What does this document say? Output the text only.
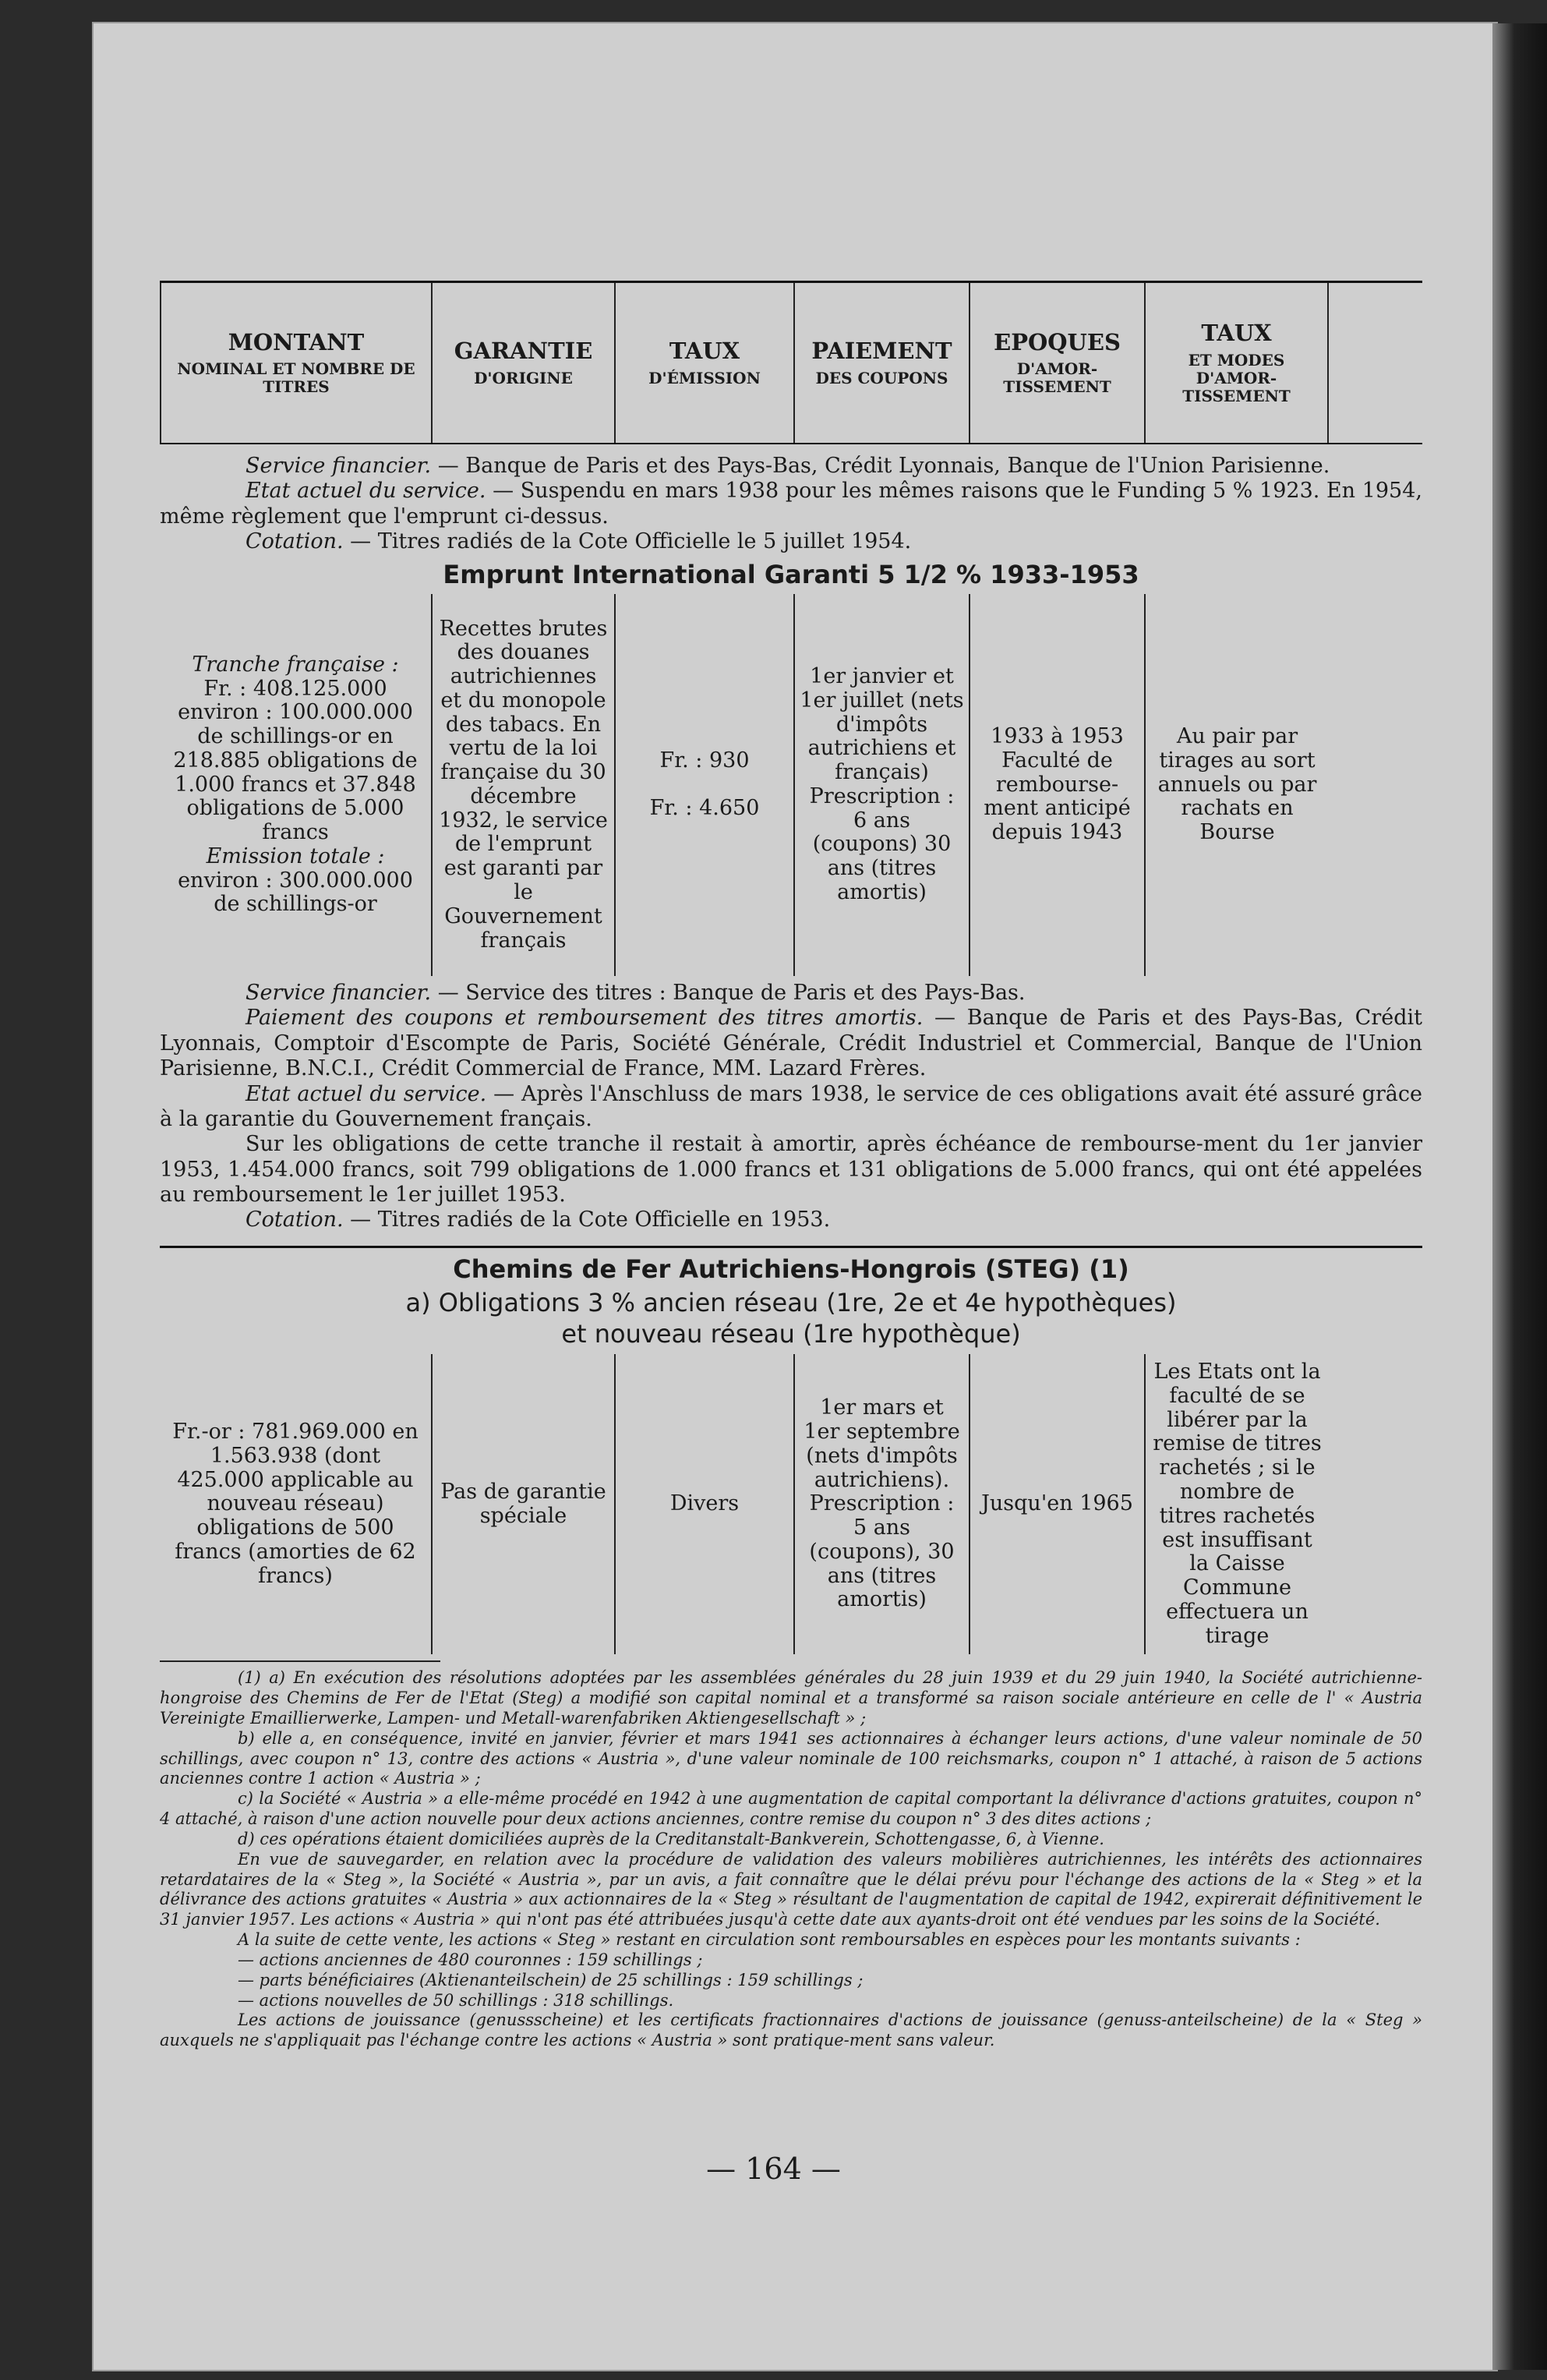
MONTANT
NOMINAL ET NOMBRE DE TITRES
GARANTIE
D'ORIGINE
TAUX
D'ÉMISSION
PAIEMENT
DES COUPONS
EPOQUES
D'AMOR- TISSEMENT
TAUX
ET MODES D'AMOR- TISSEMENT

Service financier. — Banque de Paris et des Pays-Bas, Crédit Lyonnais, Banque de l'Union Parisienne.

Etat actuel du service. — Suspendu en mars 1938 pour les mêmes raisons que le Funding 5 % 1923. En 1954, même règlement que l'emprunt ci-dessus.

Cotation. — Titres radiés de la Cote Officielle le 5 juillet 1954.

Emprunt International Garanti 5 1/2 % 1933-1953
Tranche française :
Fr. : 408.125.000 environ : 100.000.000 de schillings-or en 218.885 obligations de 1.000 francs et 37.848 obligations de 5.000 francs
Emission totale :
environ : 300.000.000 de schillings-or
Recettes brutes des douanes autrichiennes et du monopole des tabacs. En vertu de la loi française du 30 décembre 1932, le service de l'emprunt est garanti par le Gouvernement français
Fr. : 930

Fr. : 4.650
1er janvier et 1er juillet (nets d'impôts autrichiens et français) Prescription : 6 ans (coupons) 30 ans (titres amortis)
1933 à 1953 Faculté de rembourse-ment anticipé depuis 1943
Au pair par tirages au sort annuels ou par rachats en Bourse

Service financier. — Service des titres : Banque de Paris et des Pays-Bas.

Paiement des coupons et remboursement des titres amortis. — Banque de Paris et des Pays-Bas, Crédit Lyonnais, Comptoir d'Escompte de Paris, Société Générale, Crédit Industriel et Commercial, Banque de l'Union Parisienne, B.N.C.I., Crédit Commercial de France, MM. Lazard Frères.

Etat actuel du service. — Après l'Anschluss de mars 1938, le service de ces obligations avait été assuré grâce à la garantie du Gouvernement français.

Sur les obligations de cette tranche il restait à amortir, après échéance de rembourse-ment du 1er janvier 1953, 1.454.000 francs, soit 799 obligations de 1.000 francs et 131 obligations de 5.000 francs, qui ont été appelées au remboursement le 1er juillet 1953.

Cotation. — Titres radiés de la Cote Officielle en 1953.

Chemins de Fer Autrichiens-Hongrois (STEG) (1)

a) Obligations 3 % ancien réseau (1re, 2e et 4e hypothèques)

et nouveau réseau (1re hypothèque)

Fr.-or : 781.969.000 en 1.563.938 (dont 425.000 applicable au nouveau réseau) obligations de 500 francs (amorties de 62 francs)
Pas de garantie spéciale	Divers
1er mars et 1er septembre (nets d'impôts autrichiens). Prescription : 5 ans (coupons), 30 ans (titres amortis)
Jusqu'en 1965
Les Etats ont la faculté de se libérer par la remise de titres rachetés ; si le nombre de titres rachetés est insuffisant la Caisse Commune effectuera un tirage

(1) a) En exécution des résolutions adoptées par les assemblées générales du 28 juin 1939 et du 29 juin 1940, la Société autrichienne-hongroise des Chemins de Fer de l'Etat (Steg) a modifié son capital nominal et a transformé sa raison sociale antérieure en celle de l' « Austria Vereinigte Emaillierwerke, Lampen- und Metall-warenfabriken Aktiengesellschaft » ;

b) elle a, en conséquence, invité en janvier, février et mars 1941 ses actionnaires à échanger leurs actions, d'une valeur nominale de 50 schillings, avec coupon n° 13, contre des actions « Austria », d'une valeur nominale de 100 reichsmarks, coupon n° 1 attaché, à raison de 5 actions anciennes contre 1 action « Austria » ;

c) la Société « Austria » a elle-même procédé en 1942 à une augmentation de capital comportant la délivrance d'actions gratuites, coupon n° 4 attaché, à raison d'une action nouvelle pour deux actions anciennes, contre remise du coupon n° 3 des dites actions ;

d) ces opérations étaient domiciliées auprès de la Creditanstalt-Bankverein, Schottengasse, 6, à Vienne.

En vue de sauvegarder, en relation avec la procédure de validation des valeurs mobilières autrichiennes, les intérêts des actionnaires retardataires de la « Steg », la Société « Austria », par un avis, a fait connaître que le délai prévu pour l'échange des actions de la « Steg » et la délivrance des actions gratuites « Austria » aux actionnaires de la « Steg » résultant de l'augmentation de capital de 1942, expirerait définitivement le 31 janvier 1957. Les actions « Austria » qui n'ont pas été attribuées jusqu'à cette date aux ayants-droit ont été vendues par les soins de la Société.

A la suite de cette vente, les actions « Steg » restant en circulation sont remboursables en espèces pour les montants suivants :

— actions anciennes de 480 couronnes : 159 schillings ;

— parts bénéficiaires (Aktienanteilschein) de 25 schillings : 159 schillings ;

— actions nouvelles de 50 schillings : 318 schillings.

Les actions de jouissance (genussscheine) et les certificats fractionnaires d'actions de jouissance (genuss-anteilscheine) de la « Steg » auxquels ne s'appliquait pas l'échange contre les actions « Austria » sont pratique-ment sans valeur.

— 164 —
